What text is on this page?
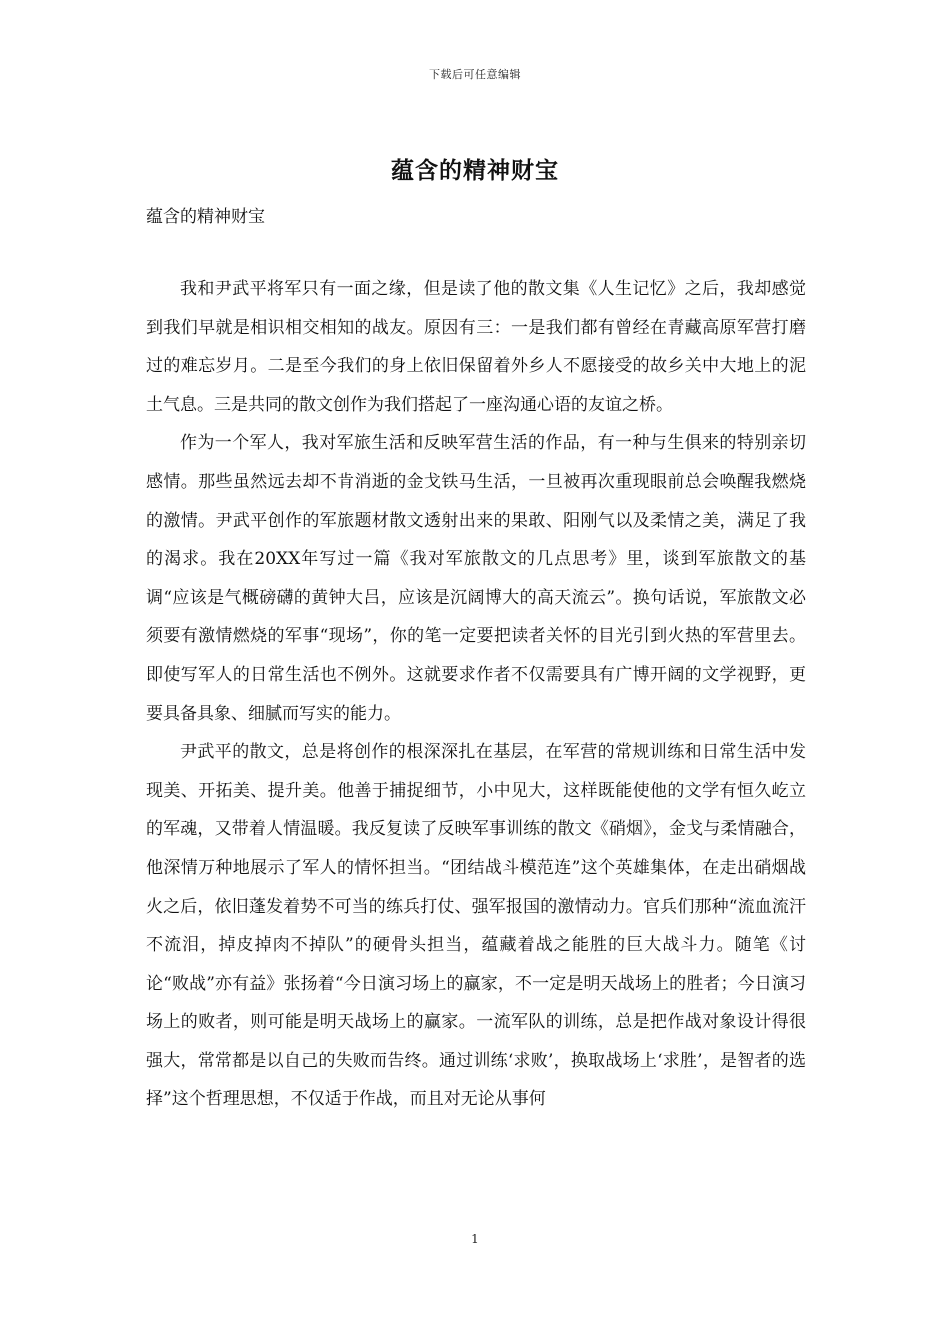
下载后可任意编辑
蕴含的精神财宝
蕴含的精神财宝

我和尹武平将军只有一面之缘，但是读了他的散文集《人生记忆》之后，我却感觉到我们早就是相识相交相知的战友。原因有三：一是我们都有曾经在青藏高原军营打磨过的难忘岁月。二是至今我们的身上依旧保留着外乡人不愿接受的故乡关中大地上的泥土气息。三是共同的散文创作为我们搭起了一座沟通心语的友谊之桥。

作为一个军人，我对军旅生活和反映军营生活的作品，有一种与生俱来的特别亲切感情。那些虽然远去却不肯消逝的金戈铁马生活，一旦被再次重现眼前总会唤醒我燃烧的激情。尹武平创作的军旅题材散文透射出来的果敢、阳刚气以及柔情之美，满足了我的渴求。我在20XX年写过一篇《我对军旅散文的几点思考》里，谈到军旅散文的基调“应该是气概磅礴的黄钟大吕，应该是沉阔博大的高天流云”。换句话说，军旅散文必须要有激情燃烧的军事“现场”，你的笔一定要把读者关怀的目光引到火热的军营里去。即使写军人的日常生活也不例外。这就要求作者不仅需要具有广博开阔的文学视野，更要具备具象、细腻而写实的能力。

尹武平的散文，总是将创作的根深深扎在基层，在军营的常规训练和日常生活中发现美、开拓美、提升美。他善于捕捉细节，小中见大，这样既能使他的文学有恒久屹立的军魂，又带着人情温暖。我反复读了反映军事训练的散文《硝烟》，金戈与柔情融合，他深情万种地展示了军人的情怀担当。“团结战斗模范连”这个英雄集体，在走出硝烟战火之后，依旧蓬发着势不可当的练兵打仗、强军报国的激情动力。官兵们那种“流血流汗不流泪，掉皮掉肉不掉队”的硬骨头担当，蕴藏着战之能胜的巨大战斗力。随笔《讨论“败战”亦有益》张扬着“今日演习场上的赢家，不一定是明天战场上的胜者；今日演习场上的败者，则可能是明天战场上的赢家。一流军队的训练，总是把作战对象设计得很强大，常常都是以自己的失败而告终。通过训练‘求败’，换取战场上‘求胜’，是智者的选择”这个哲理思想，不仅适于作战，而且对无论从事何

1
